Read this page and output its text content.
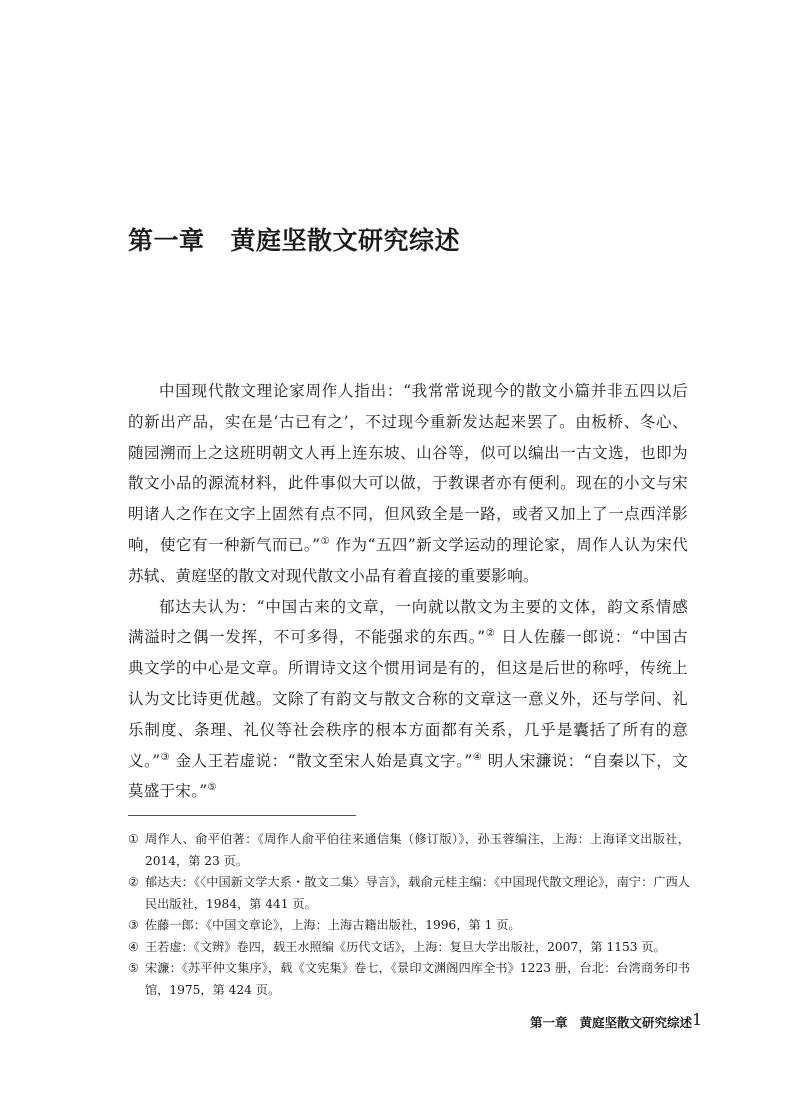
第一章 黄庭坚散文研究综述

中国现代散文理论家周作人指出：“我常常说现今的散文小篇并非五四以后的新出产品，实在是‘古已有之’，不过现今重新发达起来罢了。由板桥、冬心、随园溯而上之这班明朝文人再上连东坡、山谷等，似可以编出一古文选，也即为散文小品的源流材料，此件事似大可以做，于教课者亦有便利。现在的小文与宋明诸人之作在文字上固然有点不同，但风致全是一路，或者又加上了一点西洋影响，使它有一种新气而已。”① 作为“五四”新文学运动的理论家，周作人认为宋代苏轼、黄庭坚的散文对现代散文小品有着直接的重要影响。

郁达夫认为：“中国古来的文章，一向就以散文为主要的文体，韵文系情感满溢时之偶一发挥，不可多得，不能强求的东西。”② 日人佐藤一郎说：“中国古典文学的中心是文章。所谓诗文这个惯用词是有的，但这是后世的称呼，传统上认为文比诗更优越。文除了有韵文与散文合称的文章这一意义外，还与学问、礼乐制度、条理、礼仪等社会秩序的根本方面都有关系，几乎是囊括了所有的意义。”③ 金人王若虚说：“散文至宋人始是真文字。”④ 明人宋濂说：“自秦以下，文莫盛于宋。”⑤

① 周作人、俞平伯著：《周作人俞平伯往来通信集（修订版）》，孙玉蓉编注，上海：上海译文出版社，2014，第 23 页。

② 郁达夫：《〈中国新文学大系・散文二集〉导言》，载俞元桂主编：《中国现代散文理论》，南宁：广西人民出版社，1984，第 441 页。

③ 佐藤一郎：《中国文章论》，上海：上海古籍出版社，1996，第 1 页。

④ 王若虚：《文辨》卷四，载王水照编《历代文话》，上海：复旦大学出版社，2007，第 1153 页。

⑤ 宋濂：《苏平仲文集序》，载《文宪集》卷七，《景印文渊阁四库全书》1223 册，台北：台湾商务印书馆，1975，第 424 页。

第一章 黄庭坚散文研究综述 1
